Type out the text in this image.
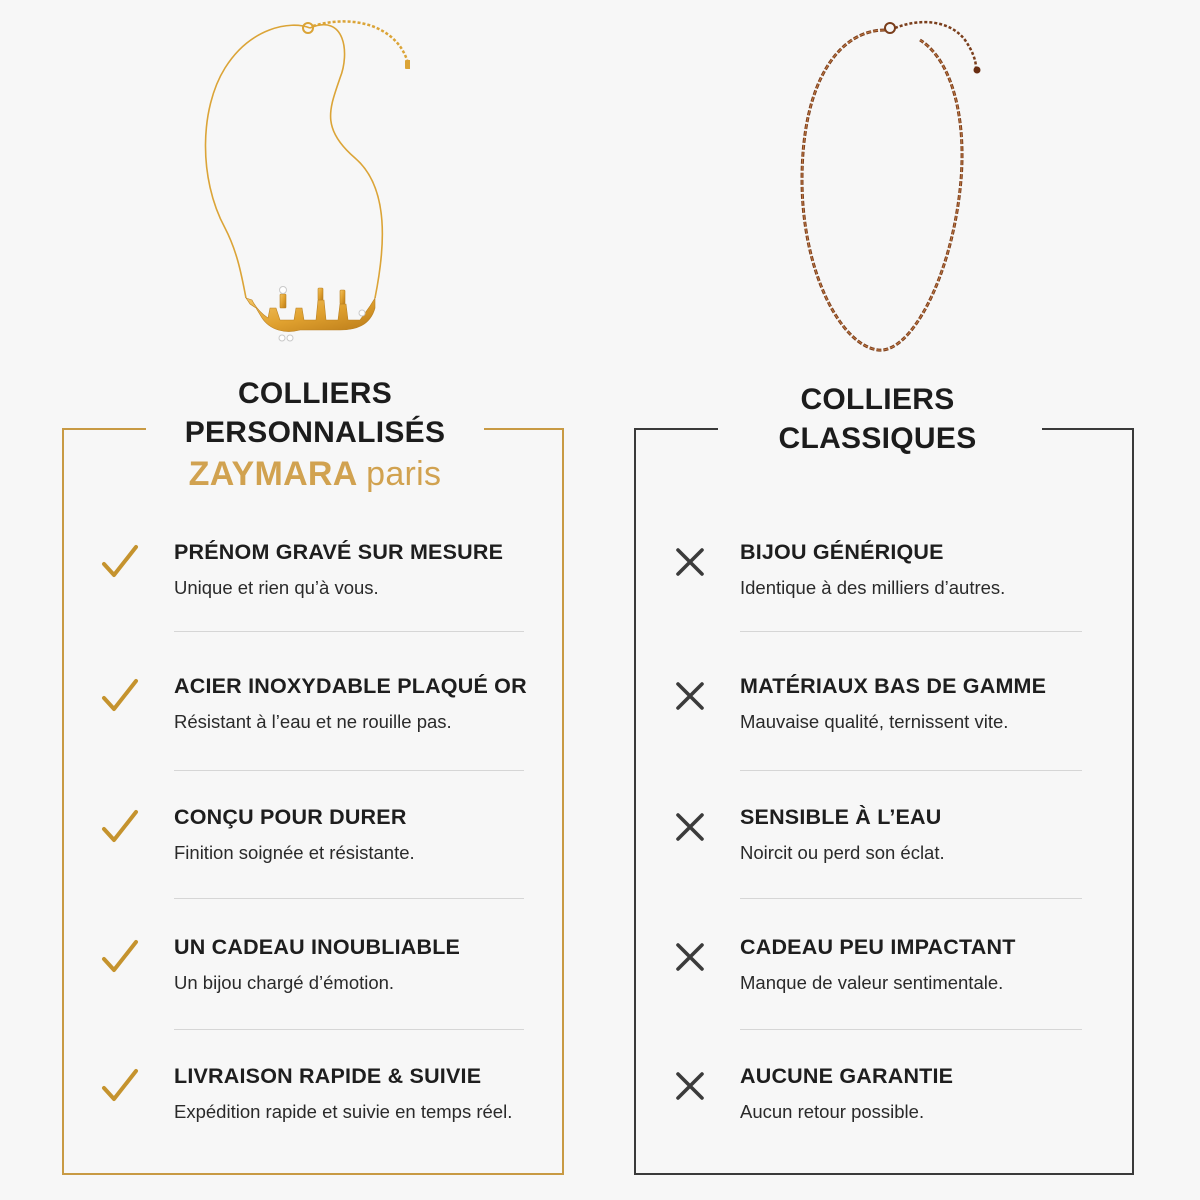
COLLIERS
PERSONNALISÉS
ZAYMARA paris
PRÉNOM GRAVÉ SUR MESURE
Unique et rien qu’à vous.
ACIER INOXYDABLE PLAQUÉ OR
Résistant à l’eau et ne rouille pas.
CONÇU POUR DURER
Finition soignée et résistante.
UN CADEAU INOUBLIABLE
Un bijou chargé d’émotion.
LIVRAISON RAPIDE & SUIVIE
Expédition rapide et suivie en temps réel.
COLLIERS
CLASSIQUES
BIJOU GÉNÉRIQUE
Identique à des milliers d’autres.
MATÉRIAUX BAS DE GAMME
Mauvaise qualité, ternissent vite.
SENSIBLE À L’EAU
Noircit ou perd son éclat.
CADEAU PEU IMPACTANT
Manque de valeur sentimentale.
AUCUNE GARANTIE
Aucun retour possible.
